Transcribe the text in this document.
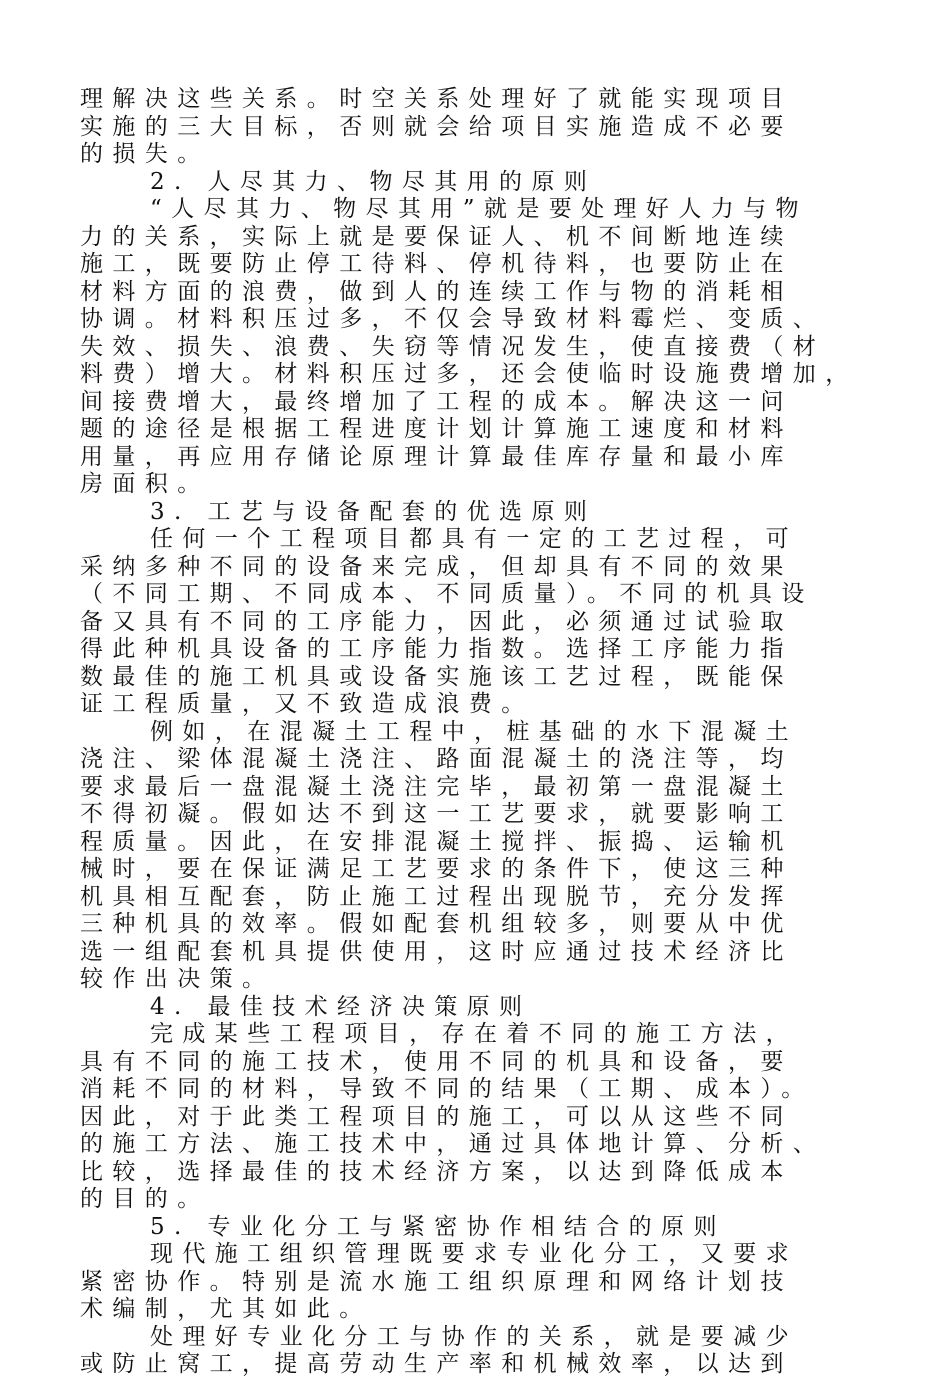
理解决这些关系。时空关系处理好了就能实现项目
实施的三大目标，否则就会给项目实施造成不必要
的损失。
2. 人尽其力、物尽其用的原则
“人尽其力、物尽其用”就是要处理好人力与物
力的关系，实际上就是要保证人、机不间断地连续
施工，既要防止停工待料、停机待料，也要防止在
材料方面的浪费，做到人的连续工作与物的消耗相
协调。材料积压过多，不仅会导致材料霉烂、变质、
失效、损失、浪费、失窃等情况发生，使直接费（材
料费）增大。材料积压过多，还会使临时设施费增加，
间接费增大，最终增加了工程的成本。解决这一问
题的途径是根据工程进度计划计算施工速度和材料
用量，再应用存储论原理计算最佳库存量和最小库
房面积。
3. 工艺与设备配套的优选原则
任何一个工程项目都具有一定的工艺过程，可
采纳多种不同的设备来完成，但却具有不同的效果
（不同工期、不同成本、不同质量）。不同的机具设
备又具有不同的工序能力，因此，必须通过试验取
得此种机具设备的工序能力指数。选择工序能力指
数最佳的施工机具或设备实施该工艺过程，既能保
证工程质量，又不致造成浪费。
例如，在混凝土工程中，桩基础的水下混凝土
浇注、梁体混凝土浇注、路面混凝土的浇注等，均
要求最后一盘混凝土浇注完毕，最初第一盘混凝土
不得初凝。假如达不到这一工艺要求，就要影响工
程质量。因此，在安排混凝土搅拌、振捣、运输机
械时，要在保证满足工艺要求的条件下，使这三种
机具相互配套，防止施工过程出现脱节，充分发挥
三种机具的效率。假如配套机组较多，则要从中优
选一组配套机具提供使用，这时应通过技术经济比
较作出决策。
4. 最佳技术经济决策原则
完成某些工程项目，存在着不同的施工方法，
具有不同的施工技术，使用不同的机具和设备，要
消耗不同的材料，导致不同的结果（工期、成本）。
因此，对于此类工程项目的施工，可以从这些不同
的施工方法、施工技术中，通过具体地计算、分析、
比较，选择最佳的技术经济方案，以达到降低成本
的目的。
5. 专业化分工与紧密协作相结合的原则
现代施工组织管理既要求专业化分工，又要求
紧密协作。特别是流水施工组织原理和网络计划技
术编制，尤其如此。
处理好专业化分工与协作的关系，就是要减少
或防止窝工，提高劳动生产率和机械效率，以达到
